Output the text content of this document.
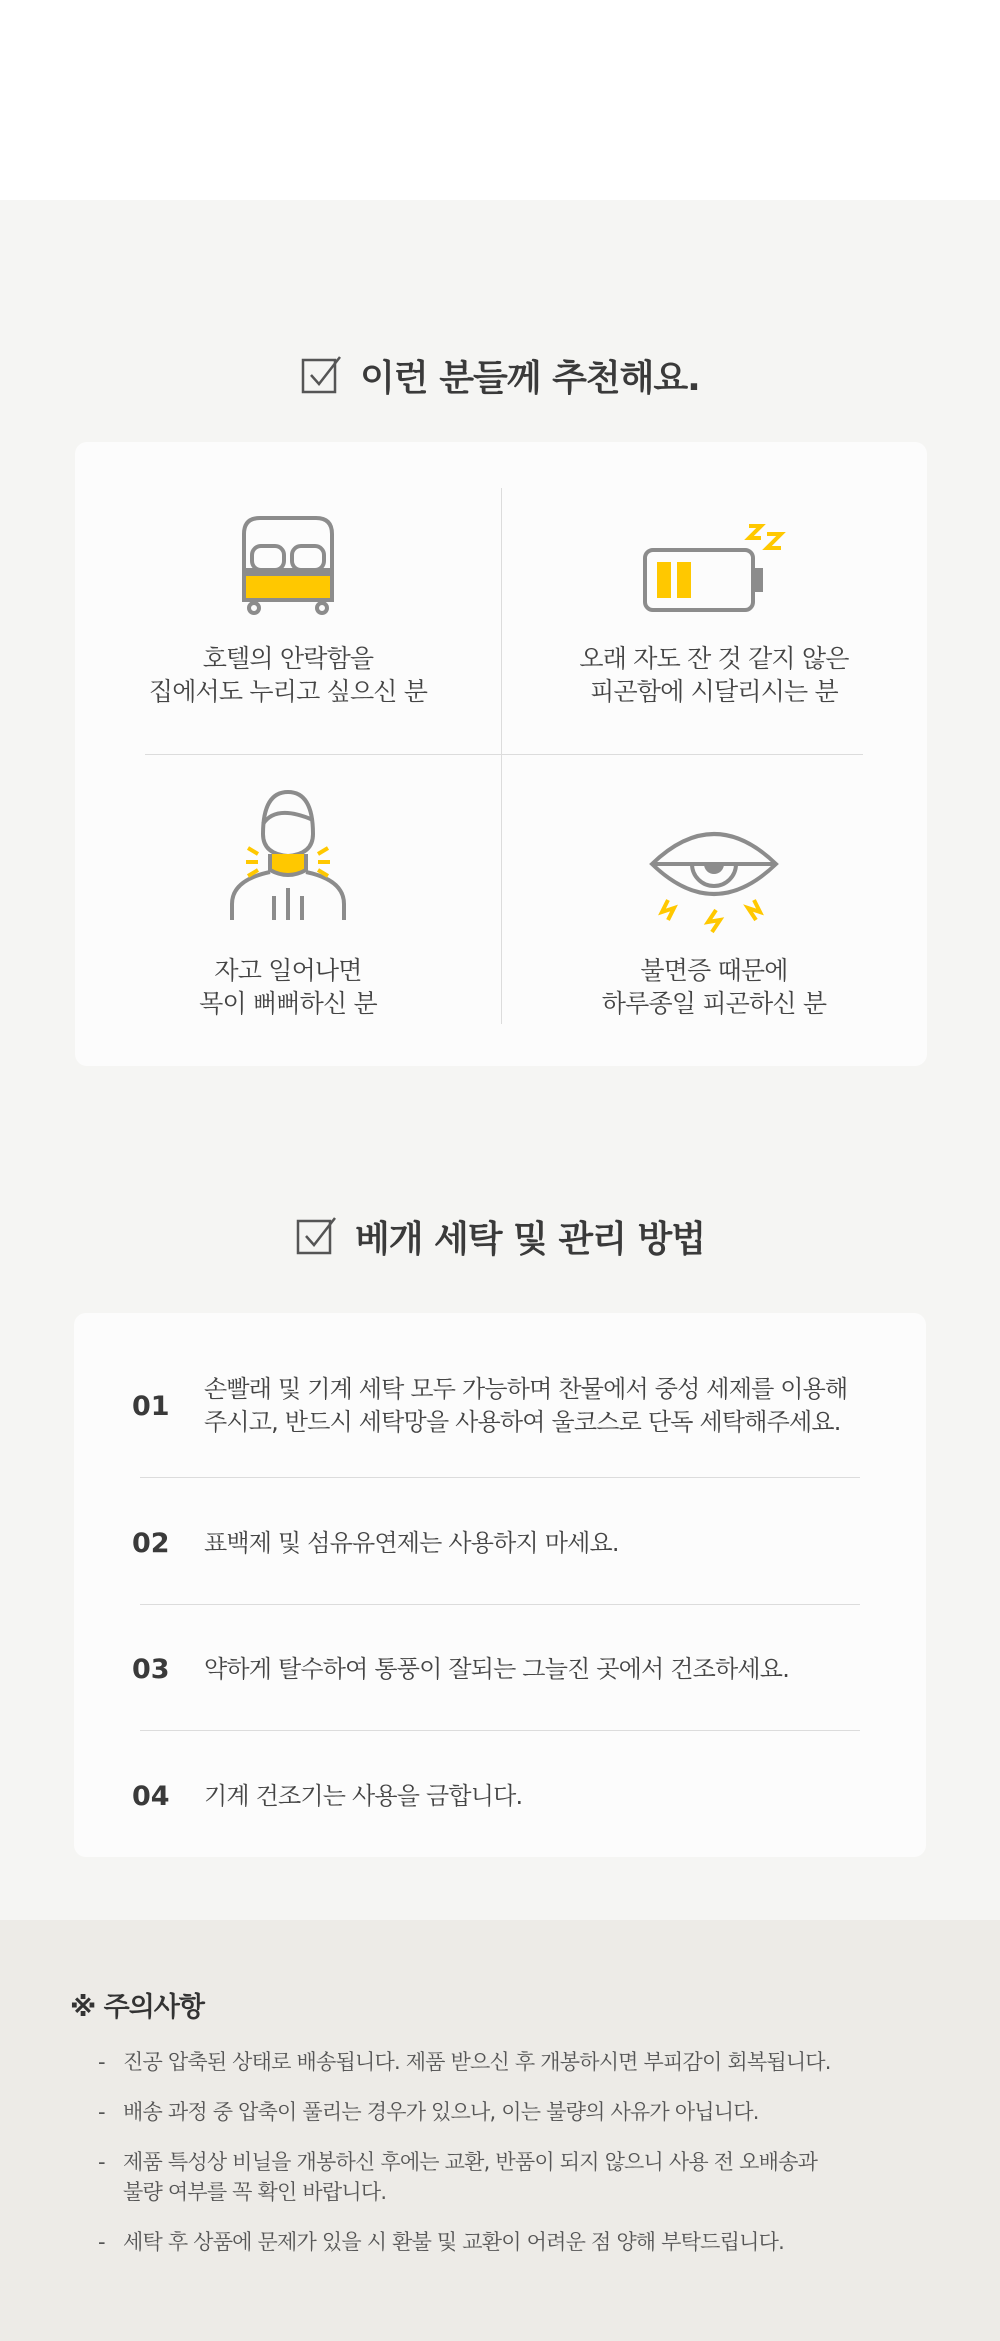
이런 분들께 추천해요.
호텔의 안락함을
집에서도 누리고 싶으신 분
오래 자도 잔 것 같지 않은
피곤함에 시달리시는 분
자고 일어나면
목이 뻐뻐하신 분
불면증 때문에
하루종일 피곤하신 분
베개 세탁 및 관리 방법
01
손빨래 및 기계 세탁 모두 가능하며 찬물에서 중성 세제를 이용해
주시고, 반드시 세탁망을 사용하여 울코스로 단독 세탁해주세요.
02 표백제 및 섬유유연제는 사용하지 마세요.
03 약하게 탈수하여 통풍이 잘되는 그늘진 곳에서 건조하세요.
04 기계 건조기는 사용을 금합니다.
※ 주의사항
- 진공 압축된 상태로 배송됩니다. 제품 받으신 후 개봉하시면 부피감이 회복됩니다.
- 배송 과정 중 압축이 풀리는 경우가 있으나, 이는 불량의 사유가 아닙니다.
- 제품 특성상 비닐을 개봉하신 후에는 교환, 반품이 되지 않으니 사용 전 오배송과
불량 여부를 꼭 확인 바랍니다.
- 세탁 후 상품에 문제가 있을 시 환불 및 교환이 어려운 점 양해 부탁드립니다.
